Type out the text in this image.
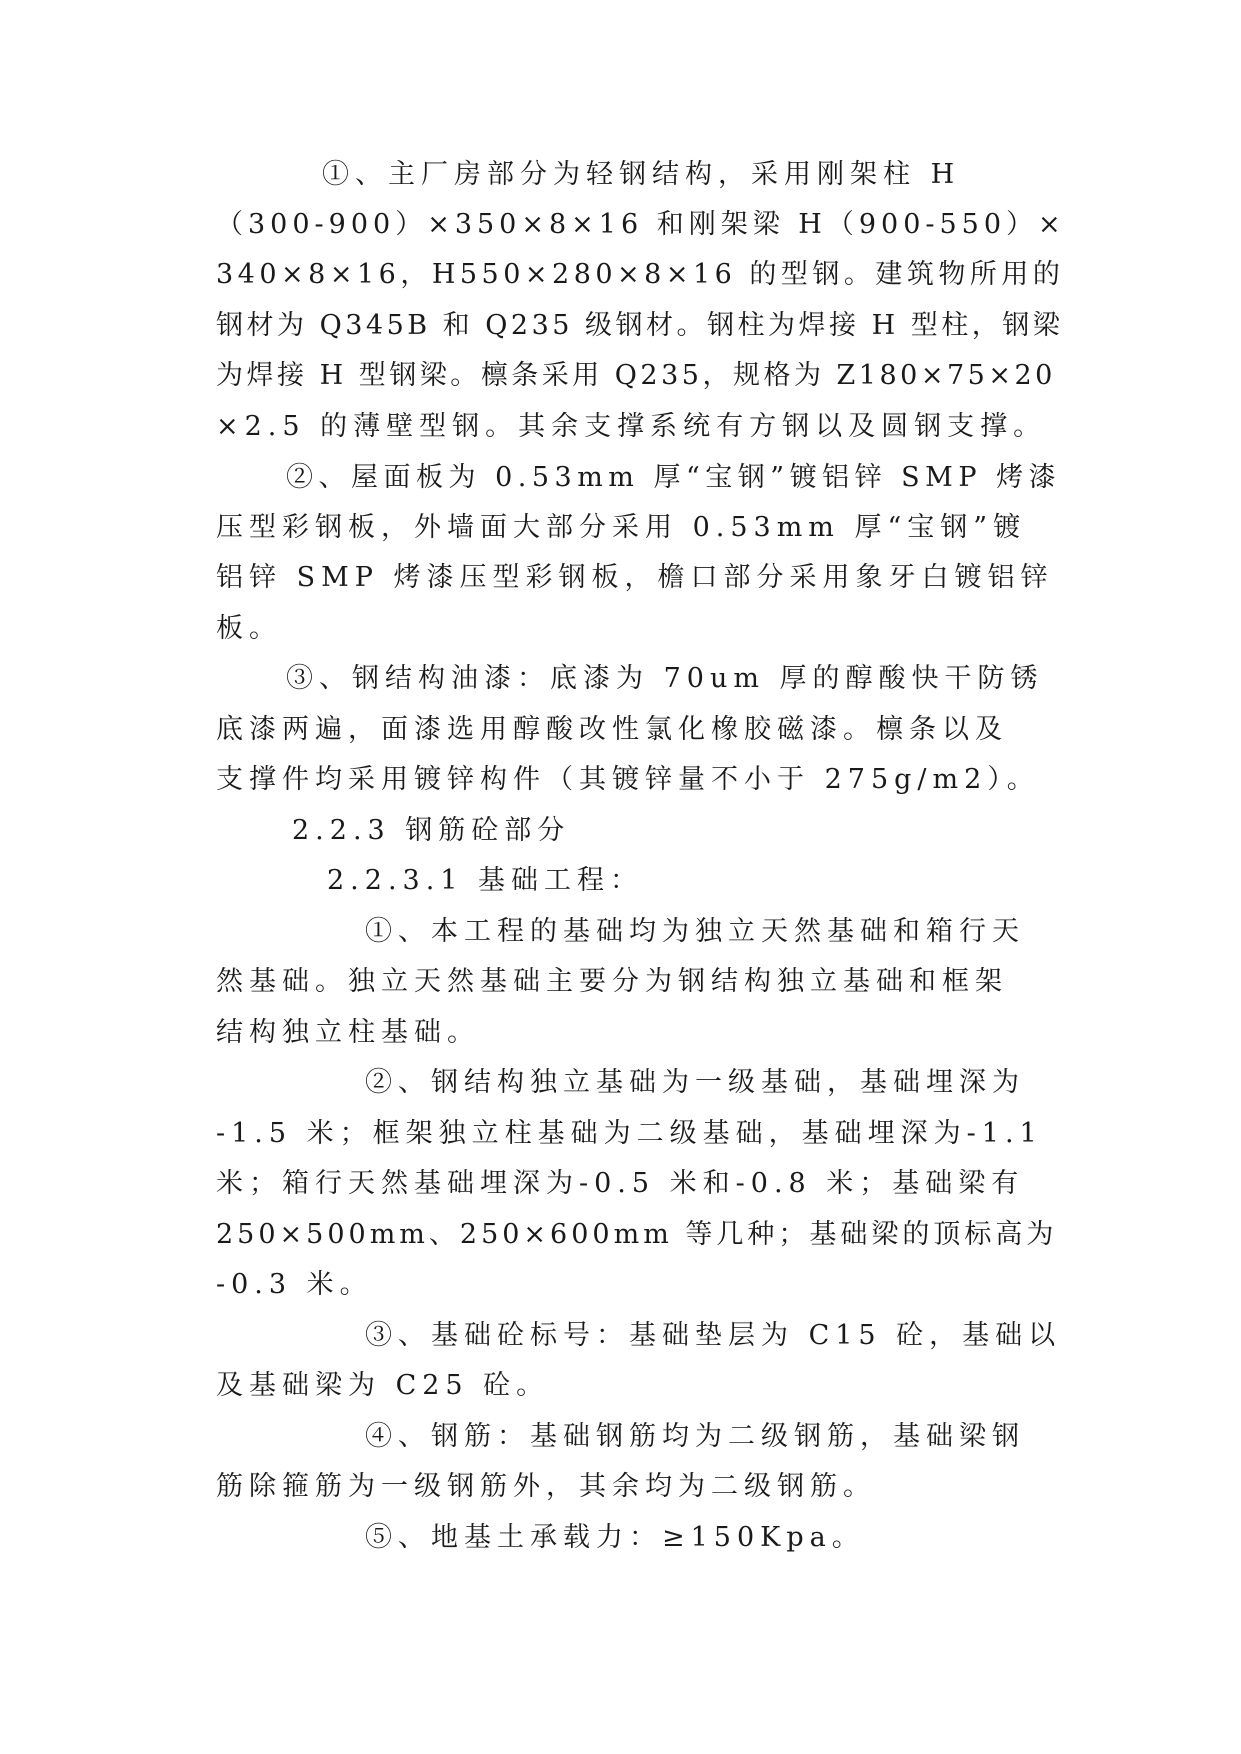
①、主厂房部分为轻钢结构，采用刚架柱 H
（300-900）×350×8×16 和刚架梁 H（900-550）×
340×8×16，H550×280×8×16 的型钢。建筑物所用的
钢材为 Q345B 和 Q235 级钢材。钢柱为焊接 H 型柱，钢梁
为焊接 H 型钢梁。檩条采用 Q235，规格为 Z180×75×20
×2.5 的薄壁型钢。其余支撑系统有方钢以及圆钢支撑。
②、屋面板为 0.53mm 厚“宝钢”镀铝锌 SMP 烤漆
压型彩钢板，外墙面大部分采用 0.53mm 厚“宝钢”镀
铝锌 SMP 烤漆压型彩钢板，檐口部分采用象牙白镀铝锌
板。
③、钢结构油漆：底漆为 70um 厚的醇酸快干防锈
底漆两遍，面漆选用醇酸改性氯化橡胶磁漆。檩条以及
支撑件均采用镀锌构件（其镀锌量不小于 275g/m2）。
2.2.3 钢筋砼部分
2.2.3.1 基础工程：
①、本工程的基础均为独立天然基础和箱行天
然基础。独立天然基础主要分为钢结构独立基础和框架
结构独立柱基础。
②、钢结构独立基础为一级基础，基础埋深为
-1.5 米；框架独立柱基础为二级基础，基础埋深为-1.1
米；箱行天然基础埋深为-0.5 米和-0.8 米；基础梁有
250×500mm、250×600mm 等几种；基础梁的顶标高为
-0.3 米。
③、基础砼标号：基础垫层为 C15 砼，基础以
及基础梁为 C25 砼。
④、钢筋：基础钢筋均为二级钢筋，基础梁钢
筋除箍筋为一级钢筋外，其余均为二级钢筋。
⑤、地基土承载力：≥150Kpa。
